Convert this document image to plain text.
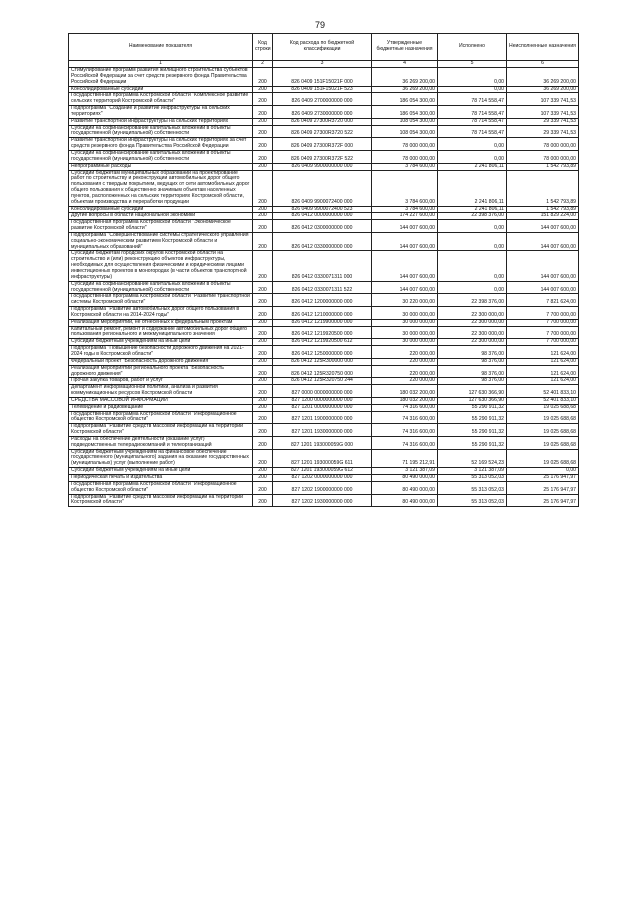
79
Наименование показателя	Код строки	Код расхода по бюджетной классификации	Утвержденные бюджетные назначения	Исполнено	Неисполненные назначения
1	2	3	4	5	6
Стимулирование программ развития жилищного строительства субъектов Российской Федерации за счет средств резервного фонда Правительства Российской Федерации	200	826 0409 151F15021F 000	36 269 200,00	0,00	36 269 200,00
Консолидированные субсидии	200	826 0409 151F15021F 523	36 269 200,00	0,00	36 269 200,00
Государственная программа Костромской области "Комплексное развитие сельских территорий Костромской области"	200	826 0409 2700000000 000	186 054 300,00	78 714 558,47	107 339 741,53
Подпрограмма "Создание и развитие инфраструктуры на сельских территориях"	200	826 0409 2730000000 000	186 054 300,00	78 714 558,47	107 339 741,53
Развитие транспортной инфраструктуры на сельских территориях	200	826 0409 27300R3720 000	108 054 300,00	78 714 558,47	29 339 741,53
Субсидии на софинансирование капитальных вложений в объекты государственной (муниципальной) собственности	200	826 0409 27300R3720 522	108 054 300,00	78 714 558,47	29 339 741,53
Развитие транспортной инфраструктуры на сельских территориях за счет средств резервного фонда Правительства Российской Федерации	200	826 0409 27300R372F 000	78 000 000,00	0,00	78 000 000,00
Субсидии на софинансирование капитальных вложений в объекты государственной (муниципальной) собственности	200	826 0409 27300R372F 522	78 000 000,00	0,00	78 000 000,00
Непрограммные расходы	200	826 0409 9900000000 000	3 784 600,00	2 241 806,11	1 542 793,89
Субсидии бюджетам муниципальных образований на проектирование работ по строительству и реконструкции автомобильных дорог общего пользования с твердым покрытием, ведущих от сети автомобильных дорог общего пользования к общественно значимым объектам населенных пунктов, расположенных на сельских территориях Костромской области, объектам производства и переработки продукции	200	826 0409 9900072400 000	3 784 600,00	2 241 806,11	1 542 793,89
Консолидированные субсидии	200	826 0409 9900072400 523	3 784 600,00	2 241 806,11	1 542 793,89
Другие вопросы в области национальной экономики	200	826 0412 0000000000 000	174 227 600,00	22 398 376,00	151 829 224,00
Государственная программа Костромской области "Экономическое развитие Костромской области"	200	826 0412 0300000000 000	144 007 600,00	0,00	144 007 600,00
Подпрограмма "Совершенствование системы стратегического управления социально-экономическим развитием Костромской области и муниципальных образований"	200	826 0412 0330000000 000	144 007 600,00	0,00	144 007 600,00
Субсидии бюджетам городских округов Костромской области на строительство и (или) реконструкцию объектов инфраструктуры, необходимых для осуществления физическими и юридическими лицами инвестиционных проектов в моногородах (в части объектов транспортной инфраструктуры)	200	826 0412 0330071311 000	144 007 600,00	0,00	144 007 600,00
Субсидии на софинансирование капитальных вложений в объекты государственной (муниципальной) собственности	200	826 0412 0330071311 522	144 007 600,00	0,00	144 007 600,00
Государственная программа Костромской области "Развитие транспортной системы Костромской области"	200	826 0412 1200000000 000	30 220 000,00	22 398 376,00	7 821 624,00
Подпрограмма "Развитие автомобильных дорог общего пользования в Костромской области на 2014-2024 годы"	200	826 0412 1210000000 000	30 000 000,00	22 300 000,00	7 700 000,00
Реализация мероприятий, не отнесенных к федеральным проектам	200	826 0412 1219900000 000	30 000 000,00	22 300 000,00	7 700 000,00
Капитальный ремонт, ремонт и содержание автомобильных дорог общего пользования регионального и межмуниципального значения	200	826 0412 1219920500 000	30 000 000,00	22 300 000,00	7 700 000,00
Субсидии бюджетным учреждениям на иные цели	200	826 0412 1219920500 612	30 000 000,00	22 300 000,00	7 700 000,00
Подпрограмма "Повышение безопасности дорожного движения на 2021-2024 годы в Костромской области"	200	826 0412 1250000000 000	220 000,00	98 376,00	121 624,00
Федеральный проект "Безопасность дорожного движения"	200	826 0412 125R300000 000	220 000,00	98 376,00	121 624,00
Реализация мероприятий регионального проекта "Безопасность дорожного движения"	200	826 0412 125R320750 000	220 000,00	98 376,00	121 624,00
Прочая закупка товаров, работ и услуг	200	826 0412 125R320750 244	220 000,00	98 376,00	121 624,00
Департамент информационной политики, анализа и развития коммуникационных ресурсов Костромской области	200	827 0000 0000000000 000	180 032 200,00	127 630 366,90	52 401 833,10
СРЕДСТВА МАССОВОЙ ИНФОРМАЦИИ	200	827 1200 0000000000 000	180 032 200,00	127 630 366,90	52 401 833,10
Телевидение и радиовещание	200	827 1201 0000000000 000	74 316 600,00	55 290 911,32	19 025 688,68
Государственная программа Костромской области "Информационное общество Костромской области"	200	827 1201 1900000000 000	74 316 600,00	55 290 911,32	19 025 688,68
Подпрограмма "Развитие средств массовой информации на территории Костромской области"	200	827 1201 1930000000 000	74 316 600,00	55 290 911,32	19 025 688,68
Расходы на обеспечение деятельности (оказание услуг) подведомственных телерадиокомпаний и телеорганизаций	200	827 1201 193000059G 000	74 316 600,00	55 290 911,32	19 025 688,68
Субсидии бюджетным учреждениям на финансовое обеспечение государственного (муниципального) задания на оказание государственных (муниципальных) услуг (выполнение работ)	200	827 1201 193000059G 611	71 195 212,91	52 169 524,23	19 025 688,68
Субсидии бюджетным учреждениям на иные цели	200	827 1201 193000059G 612	3 121 387,09	3 121 387,09	0,00
Периодическая печать и издательства	200	827 1202 0000000000 000	80 490 000,00	55 313 052,03	25 176 947,97
Государственная программа Костромской области "Информационное общество Костромской области"	200	827 1202 1900000000 000	80 490 000,00	55 313 052,03	25 176 947,97
Подпрограмма "Развитие средств массовой информации на территории Костромской области"	200	827 1202 1930000000 000	80 490 000,00	55 313 052,03	25 176 947,97
